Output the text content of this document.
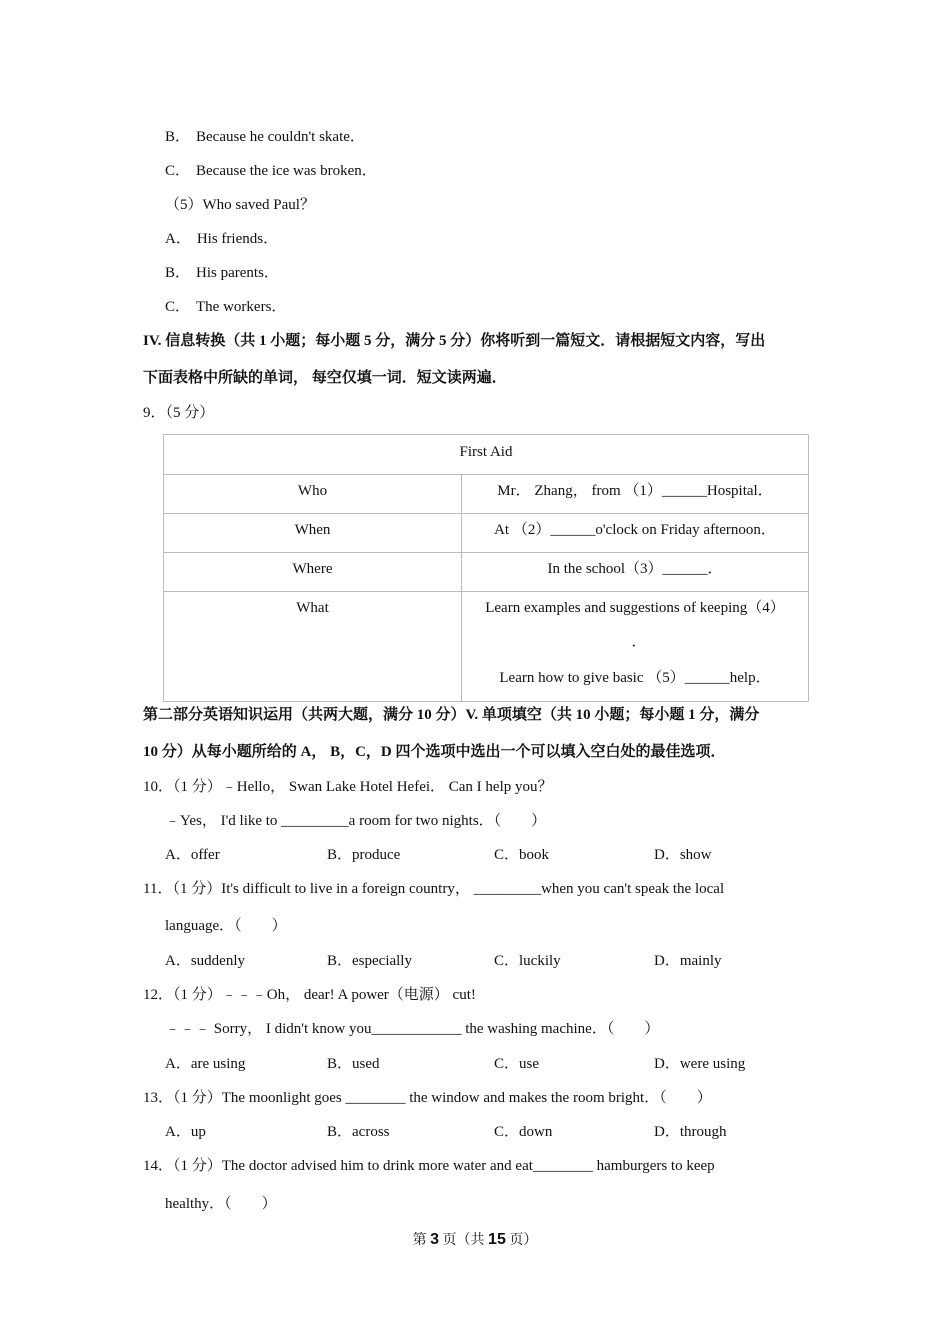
B． Because he couldn't skate．
C． Because the ice was broken．
（5）Who saved Paul？
A． His friends．
B． His parents．
C． The workers．
IV. 信息转换（共 1 小题；每小题 5 分，满分 5 分）你将听到一篇短文．请根据短文内容，写出
下面表格中所缺的单词， 每空仅填一词．短文读两遍．
9．（5 分）
First Aid	
Who	Mr． Zhang， from （1）______Hospital．
When	At （2）______o'clock on Friday afternoon．
Where	In the school（3）______．
What	Learn examples and suggestions of keeping（4）
．
Learn how to give basic （5）______help．
第二部分英语知识运用（共两大题，满分 10 分）V. 单项填空（共 10 小题；每小题 1 分，满分
10 分）从每小题所给的 A， B，C，D 四个选项中选出一个可以填入空白处的最佳选项．
10．（1 分）﹣Hello， Swan Lake Hotel Hefei． Can I help you？
﹣Yes， I'd like to _________a room for two nights．（　　）
A．offer	B．produce	C．book	D．show
11．（1 分）It's difficult to live in a foreign country， _________when you can't speak the local
language．（　　）
A．suddenly	B．especially	C．luckily	D．mainly
12．（1 分）﹣﹣﹣Oh， dear! A power（电源） cut!
﹣﹣﹣ Sorry， I didn't know you____________ the washing machine．（　　）
A．are using	B．used	C．use	D．were using
13．（1 分）The moonlight goes ________ the window and makes the room bright．（　　）
A．up	B．across	C．down	D．through
14．（1 分）The doctor advised him to drink more water and eat________ hamburgers to keep
healthy．（　　）
第 3 页（共 15 页）
